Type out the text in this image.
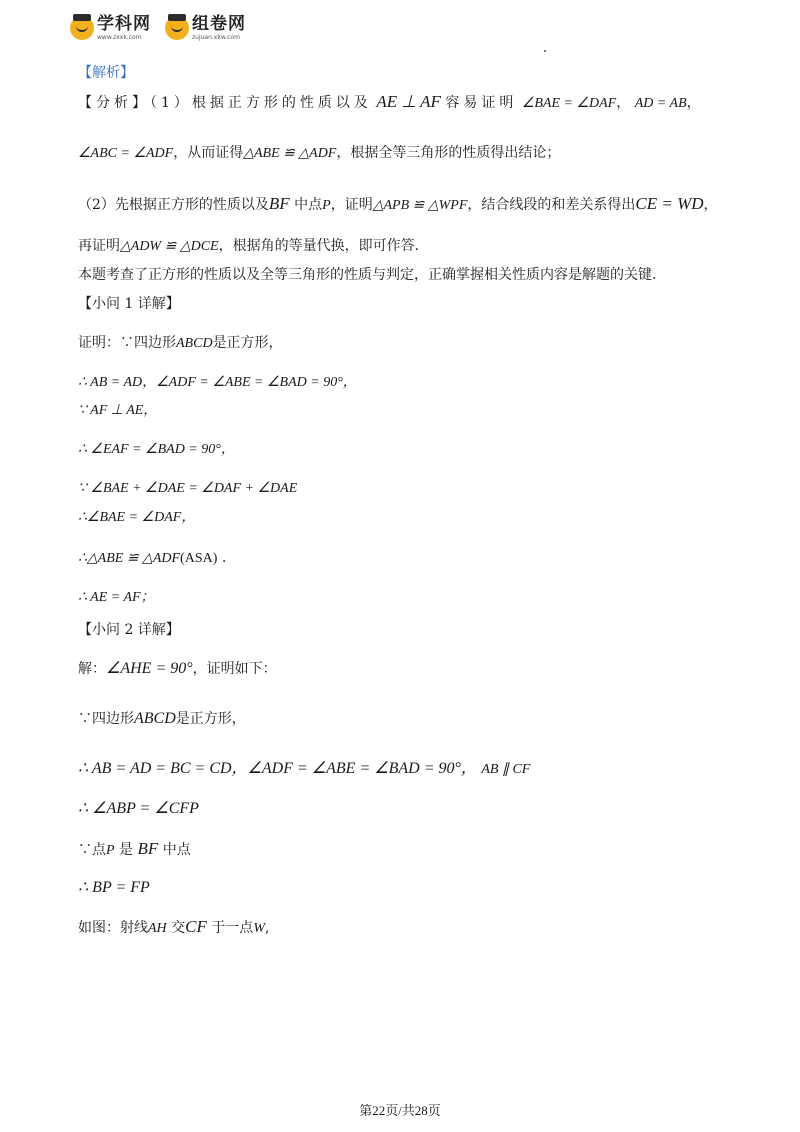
学科网
www.zxxk.com
组卷网
zujuan.xkw.com
【解析】
【分析】（1）根据正方形的性质以及 AE ⊥ AF 容易证明 ∠BAE = ∠DAF， AD = AB，
∠ABC = ∠ADF，从而证得△ABE ≌ △ADF，根据全等三角形的性质得出结论；
（2）先根据正方形的性质以及BF 中点P，证明△APB ≌ △WPF，结合线段的和差关系得出CE = WD，
再证明△ADW ≌ △DCE，根据角的等量代换，即可作答.
本题考查了正方形的性质以及全等三角形的性质与判定，正确掌握相关性质内容是解题的关键.
【小问 1 详解】
证明：∵四边形ABCD是正方形，
∴ AB = AD，∠ADF = ∠ABE = ∠BAD = 90°，
∵ AF ⊥ AE，
∴ ∠EAF = ∠BAD = 90°，
∵ ∠BAE + ∠DAE = ∠DAF + ∠DAE
∴∠BAE = ∠DAF，
∴△ABE ≌ △ADF(ASA) .
∴ AE = AF；
【小问 2 详解】
解：∠AHE = 90°，证明如下：
∵四边形ABCD是正方形，
∴ AB = AD = BC = CD，∠ADF = ∠ABE = ∠BAD = 90°， AB ∥ CF
∴ ∠ABP = ∠CFP
∵点P 是 BF 中点
∴ BP = FP
如图：射线AH 交CF 于一点W,
第22页/共28页
